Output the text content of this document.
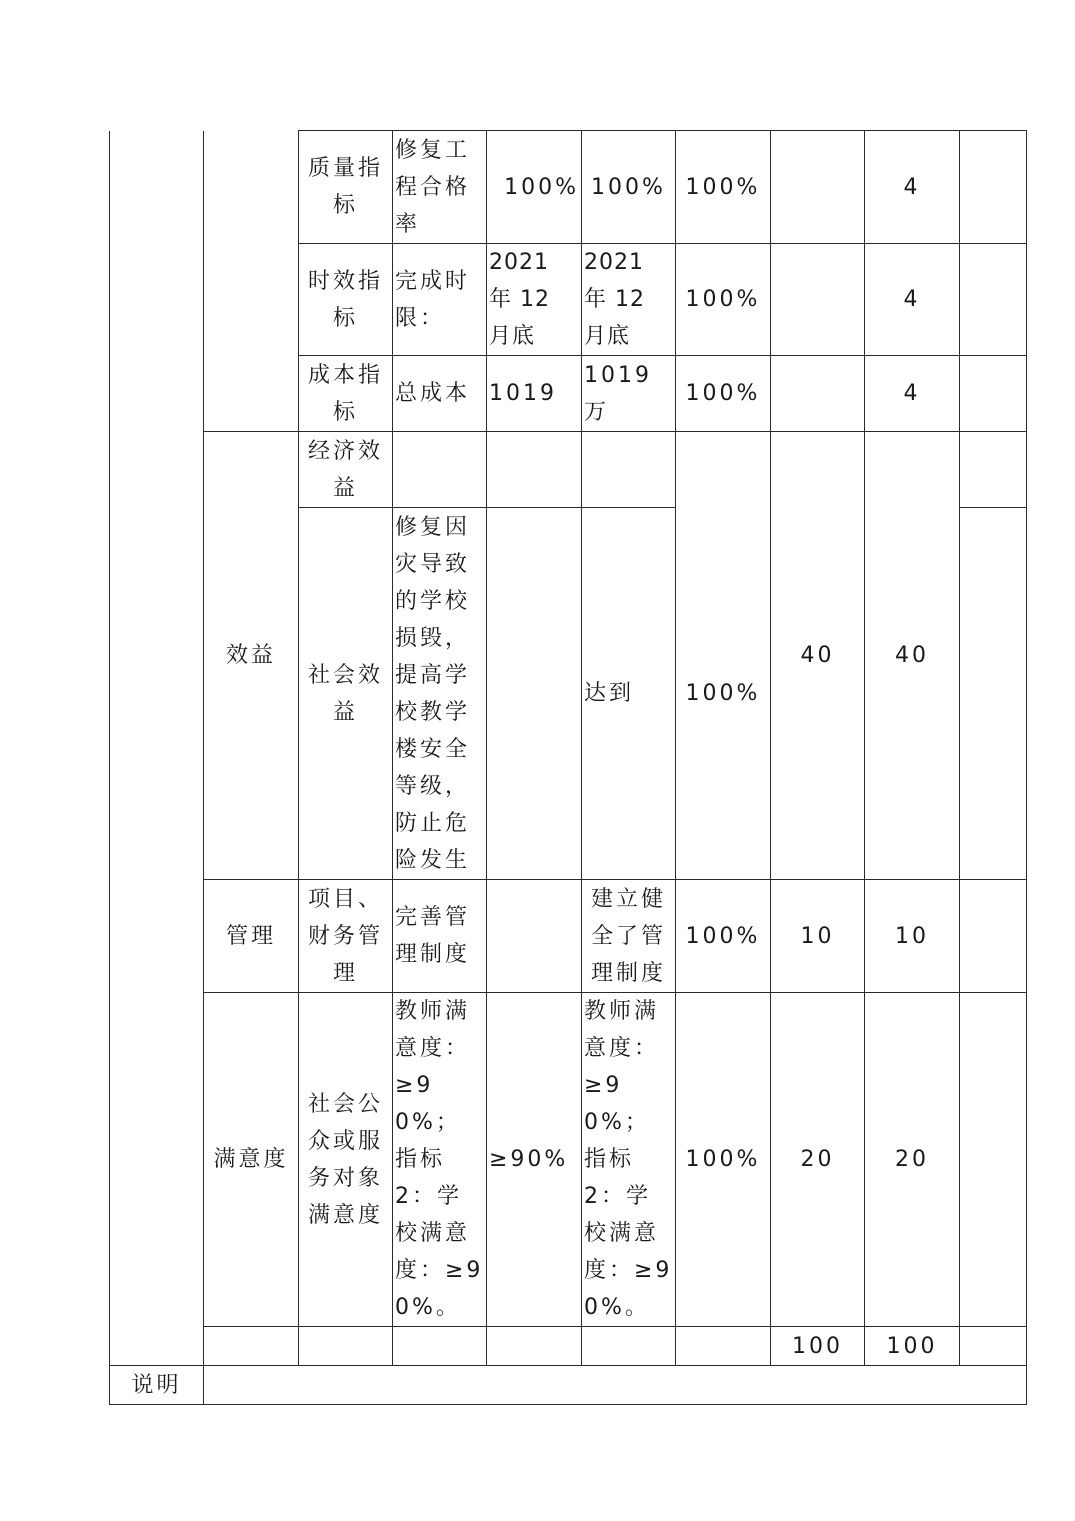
		质量指标	修复工程合格率	100%	100%	100%		4	
		时效指标	完成时限：	2021 年 12 月底	2021 年 12 月底	100%		4	
		成本指标	总成本	1019	1019 万	100%		4	
	效益	经济效益					40	40	
		社会效益	修复因灾导致的学校损毁，提高学校教学楼安全等级，防止危险发生		达到	100%			
	管理	项目、财务管理	完善管理制度		建立健全了管理制度	100%	10	10	
	满意度	社会公众或服务对象满意度	教师满意度：≥90%；指标 2：学校满意度：≥90%。	≥90%	教师满意度：≥90%；指标 2：学校满意度：≥90%。	100%	20	20	
							100	100	
说明									
